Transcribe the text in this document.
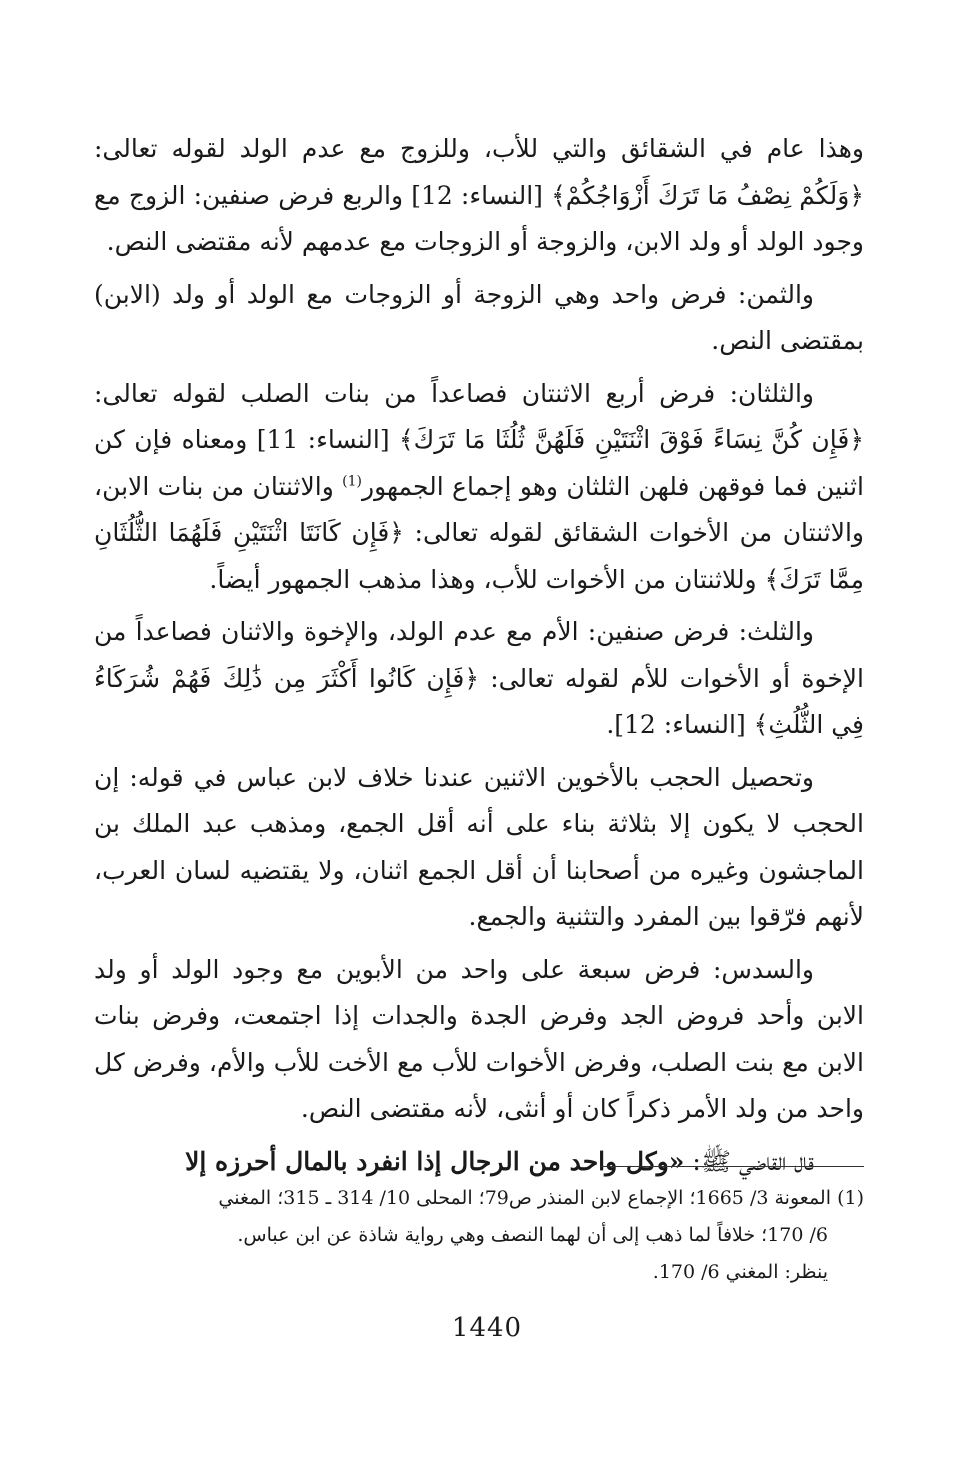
وهذا عام في الشقائق والتي للأب، وللزوج مع عدم الولد لقوله تعالى: ﴿وَلَكُمْ نِصْفُ مَا تَرَكَ أَزْوَاجُكُمْ﴾ [النساء: 12] والربع فرض صنفين: الزوج مع وجود الولد أو ولد الابن، والزوجة أو الزوجات مع عدمهم لأنه مقتضى النص.

والثمن: فرض واحد وهي الزوجة أو الزوجات مع الولد أو ولد (الابن) بمقتضى النص.

والثلثان: فرض أربع الاثنتان فصاعداً من بنات الصلب لقوله تعالى: ﴿فَإِن كُنَّ نِسَاءً فَوْقَ اثْنَتَيْنِ فَلَهُنَّ ثُلُثَا مَا تَرَكَ﴾ [النساء: 11] ومعناه فإن كن اثنين فما فوقهن فلهن الثلثان وهو إجماع الجمهور$^{(1)}$ والاثنتان من بنات الابن، والاثنتان من الأخوات الشقائق لقوله تعالى: ﴿فَإِن كَانَتَا اثْنَتَيْنِ فَلَهُمَا الثُّلُثَانِ مِمَّا تَرَكَ﴾ وللاثنتان من الأخوات للأب، وهذا مذهب الجمهور أيضاً.

والثلث: فرض صنفين: الأم مع عدم الولد، والإخوة والاثنان فصاعداً من الإخوة أو الأخوات للأم لقوله تعالى: ﴿فَإِن كَانُوا أَكْثَرَ مِن ذَٰلِكَ فَهُمْ شُرَكَاءُ فِي الثُّلُثِ﴾ [النساء: 12].

وتحصيل الحجب بالأخوين الاثنين عندنا خلاف لابن عباس في قوله: إن الحجب لا يكون إلا بثلاثة بناء على أنه أقل الجمع، ومذهب عبد الملك بن الماجشون وغيره من أصحابنا أن أقل الجمع اثنان، ولا يقتضيه لسان العرب، لأنهم فرّقوا بين المفرد والتثنية والجمع.

والسدس: فرض سبعة على واحد من الأبوين مع وجود الولد أو ولد الابن وأحد فروض الجد وفرض الجدة والجدات إذا اجتمعت، وفرض بنات الابن مع بنت الصلب، وفرض الأخوات للأب مع الأخت للأب والأم، وفرض كل واحد من ولد الأمر ذكراً كان أو أنثى، لأنه مقتضى النص.

قال القاضي ﷺ: «وكل واحد من الرجال إذا انفرد بالمال أحرزه إلا

(1) المعونة 3/ 1665؛ الإجماع لابن المنذر ص79؛ المحلى 10/ 314 ـ 315؛ المغني

6/ 170؛ خلافاً لما ذهب إلى أن لهما النصف وهي رواية شاذة عن ابن عباس.

ينظر: المغني 6/ 170.

1440
